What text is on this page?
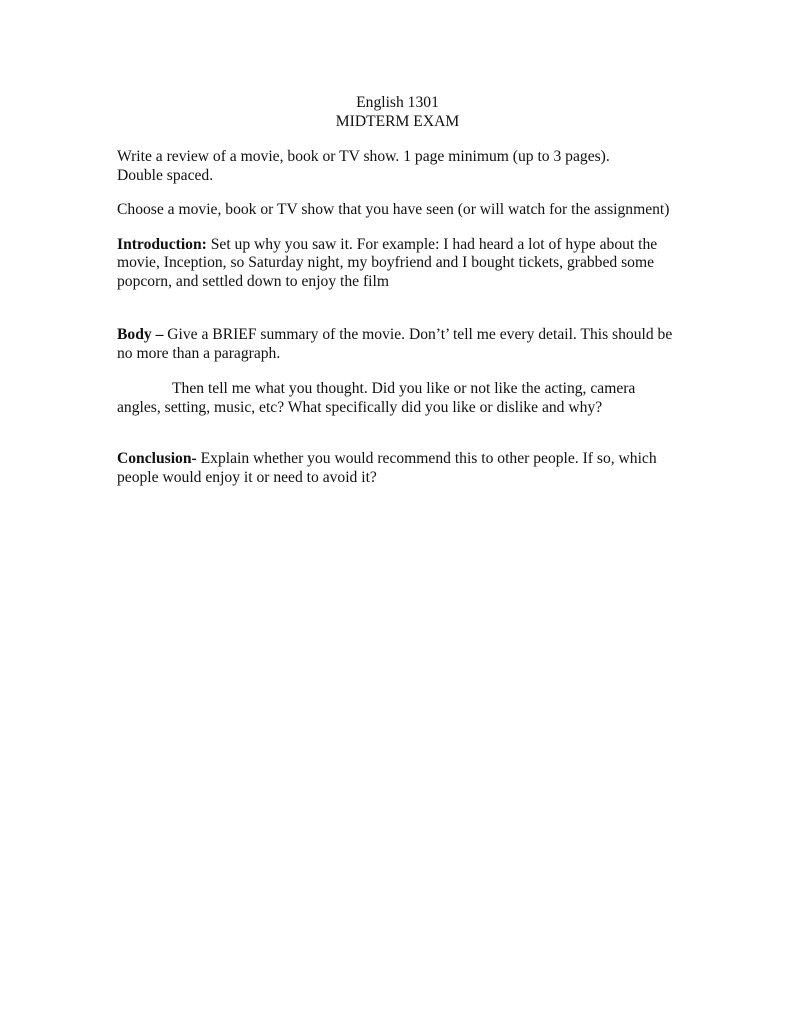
English 1301
MIDTERM EXAM
Write a review of a movie, book or TV show. 1 page minimum (up to 3 pages).
Double spaced.

Choose a movie, book or TV show that you have seen (or will watch for the assignment)

Introduction: Set up why you saw it. For example: I had heard a lot of hype about the movie, Inception, so Saturday night, my boyfriend and I bought tickets, grabbed some popcorn, and settled down to enjoy the film

Body – Give a BRIEF summary of the movie. Don’t’ tell me every detail. This should be no more than a paragraph.

Then tell me what you thought. Did you like or not like the acting, camera angles, setting, music, etc? What specifically did you like or dislike and why?

Conclusion- Explain whether you would recommend this to other people. If so, which people would enjoy it or need to avoid it?
